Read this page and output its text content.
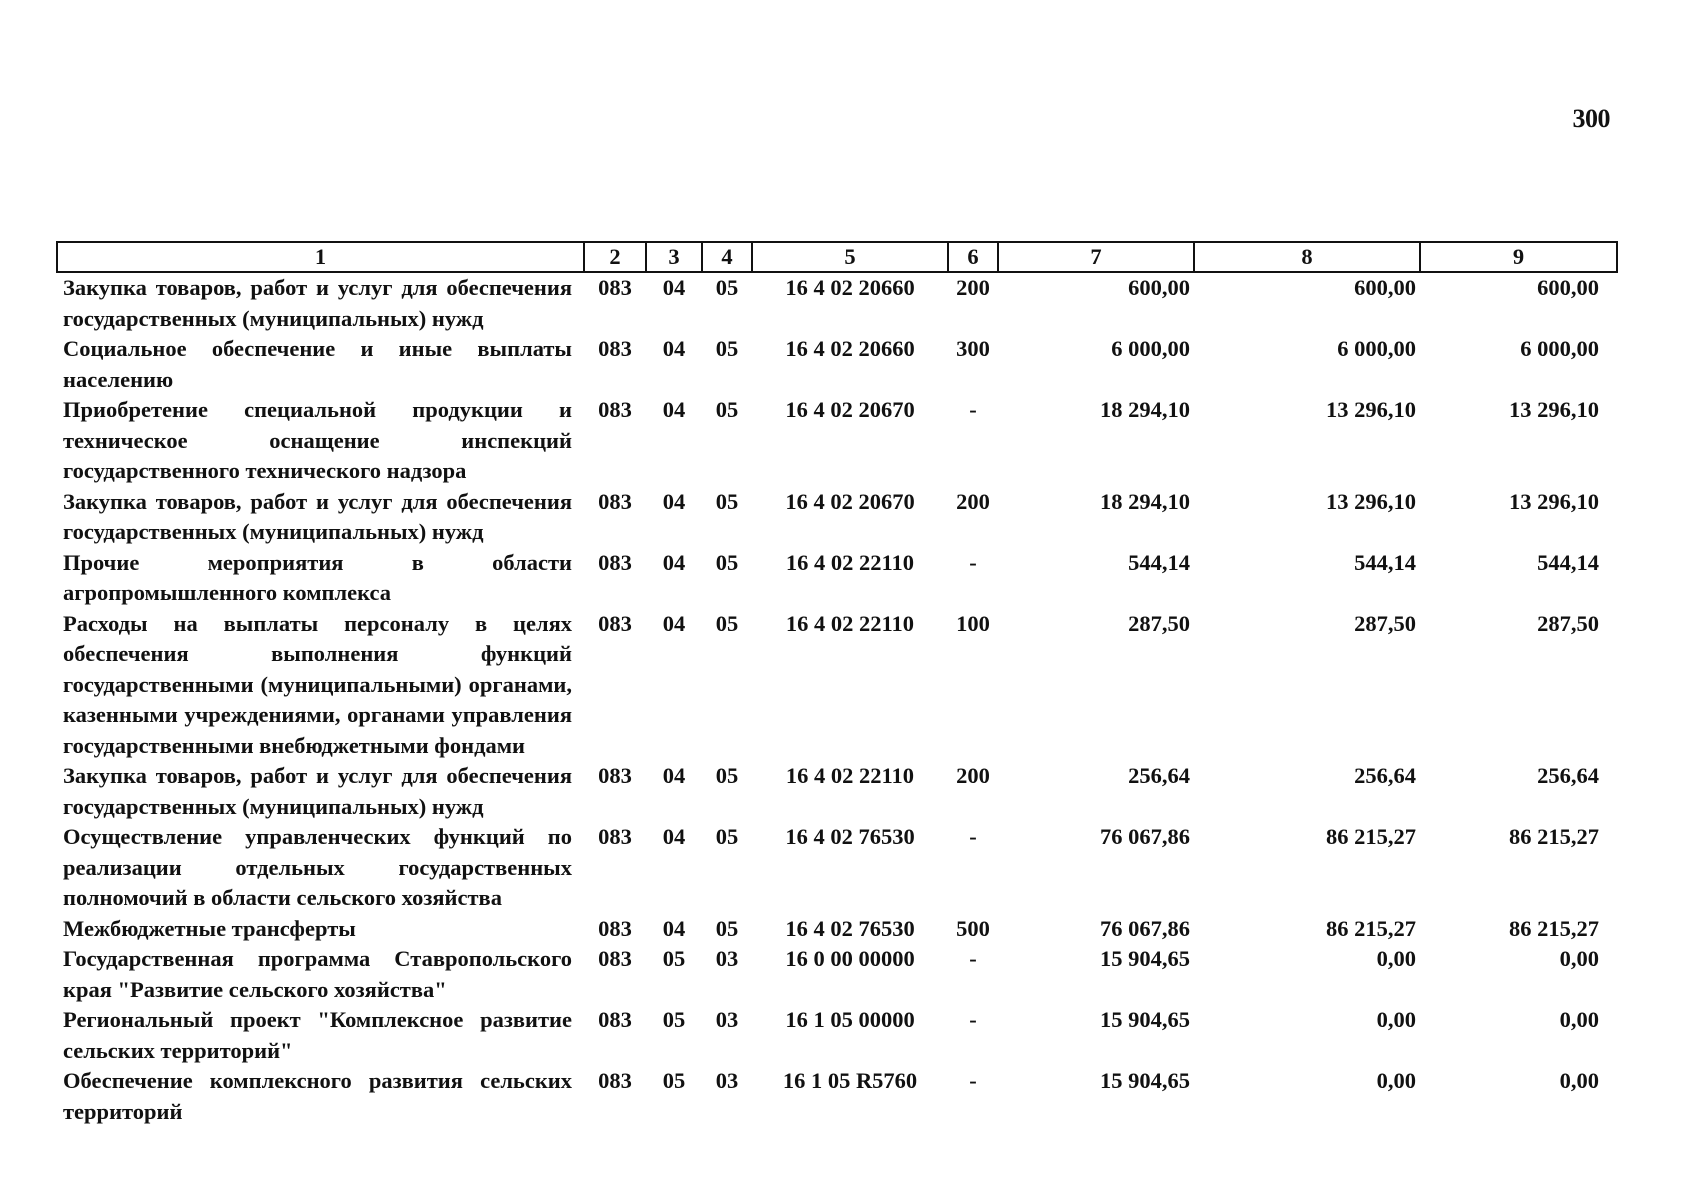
300
1	2	3	4	5	6	7	8	9
Закупка товаров, работ и услуг для обеспечения государственных (муниципальных) нужд	083	04	05	16 4 02 20660	200	600,00	600,00	600,00
Социальное обеспечение и иные выплаты населению	083	04	05	16 4 02 20660	300	6 000,00	6 000,00	6 000,00
Приобретение специальной продукции и техническое оснащение инспекций государственного технического надзора	083	04	05	16 4 02 20670	-	18 294,10	13 296,10	13 296,10
Закупка товаров, работ и услуг для обеспечения государственных (муниципальных) нужд	083	04	05	16 4 02 20670	200	18 294,10	13 296,10	13 296,10
Прочие мероприятия в области агропромышленного комплекса	083	04	05	16 4 02 22110	-	544,14	544,14	544,14
Расходы на выплаты персоналу в целях обеспечения выполнения функций государственными (муниципальными) органами, казенными учреждениями, органами управления государственными внебюджетными фондами	083	04	05	16 4 02 22110	100	287,50	287,50	287,50
Закупка товаров, работ и услуг для обеспечения государственных (муниципальных) нужд	083	04	05	16 4 02 22110	200	256,64	256,64	256,64
Осуществление управленческих функций по реализации отдельных государственных полномочий в области сельского хозяйства	083	04	05	16 4 02 76530	-	76 067,86	86 215,27	86 215,27
Межбюджетные трансферты	083	04	05	16 4 02 76530	500	76 067,86	86 215,27	86 215,27
Государственная программа Ставропольского края "Развитие сельского хозяйства"	083	05	03	16 0 00 00000	-	15 904,65	0,00	0,00
Региональный проект "Комплексное развитие сельских территорий"	083	05	03	16 1 05 00000	-	15 904,65	0,00	0,00
Обеспечение комплексного развития сельских территорий	083	05	03	16 1 05 R5760	-	15 904,65	0,00	0,00
